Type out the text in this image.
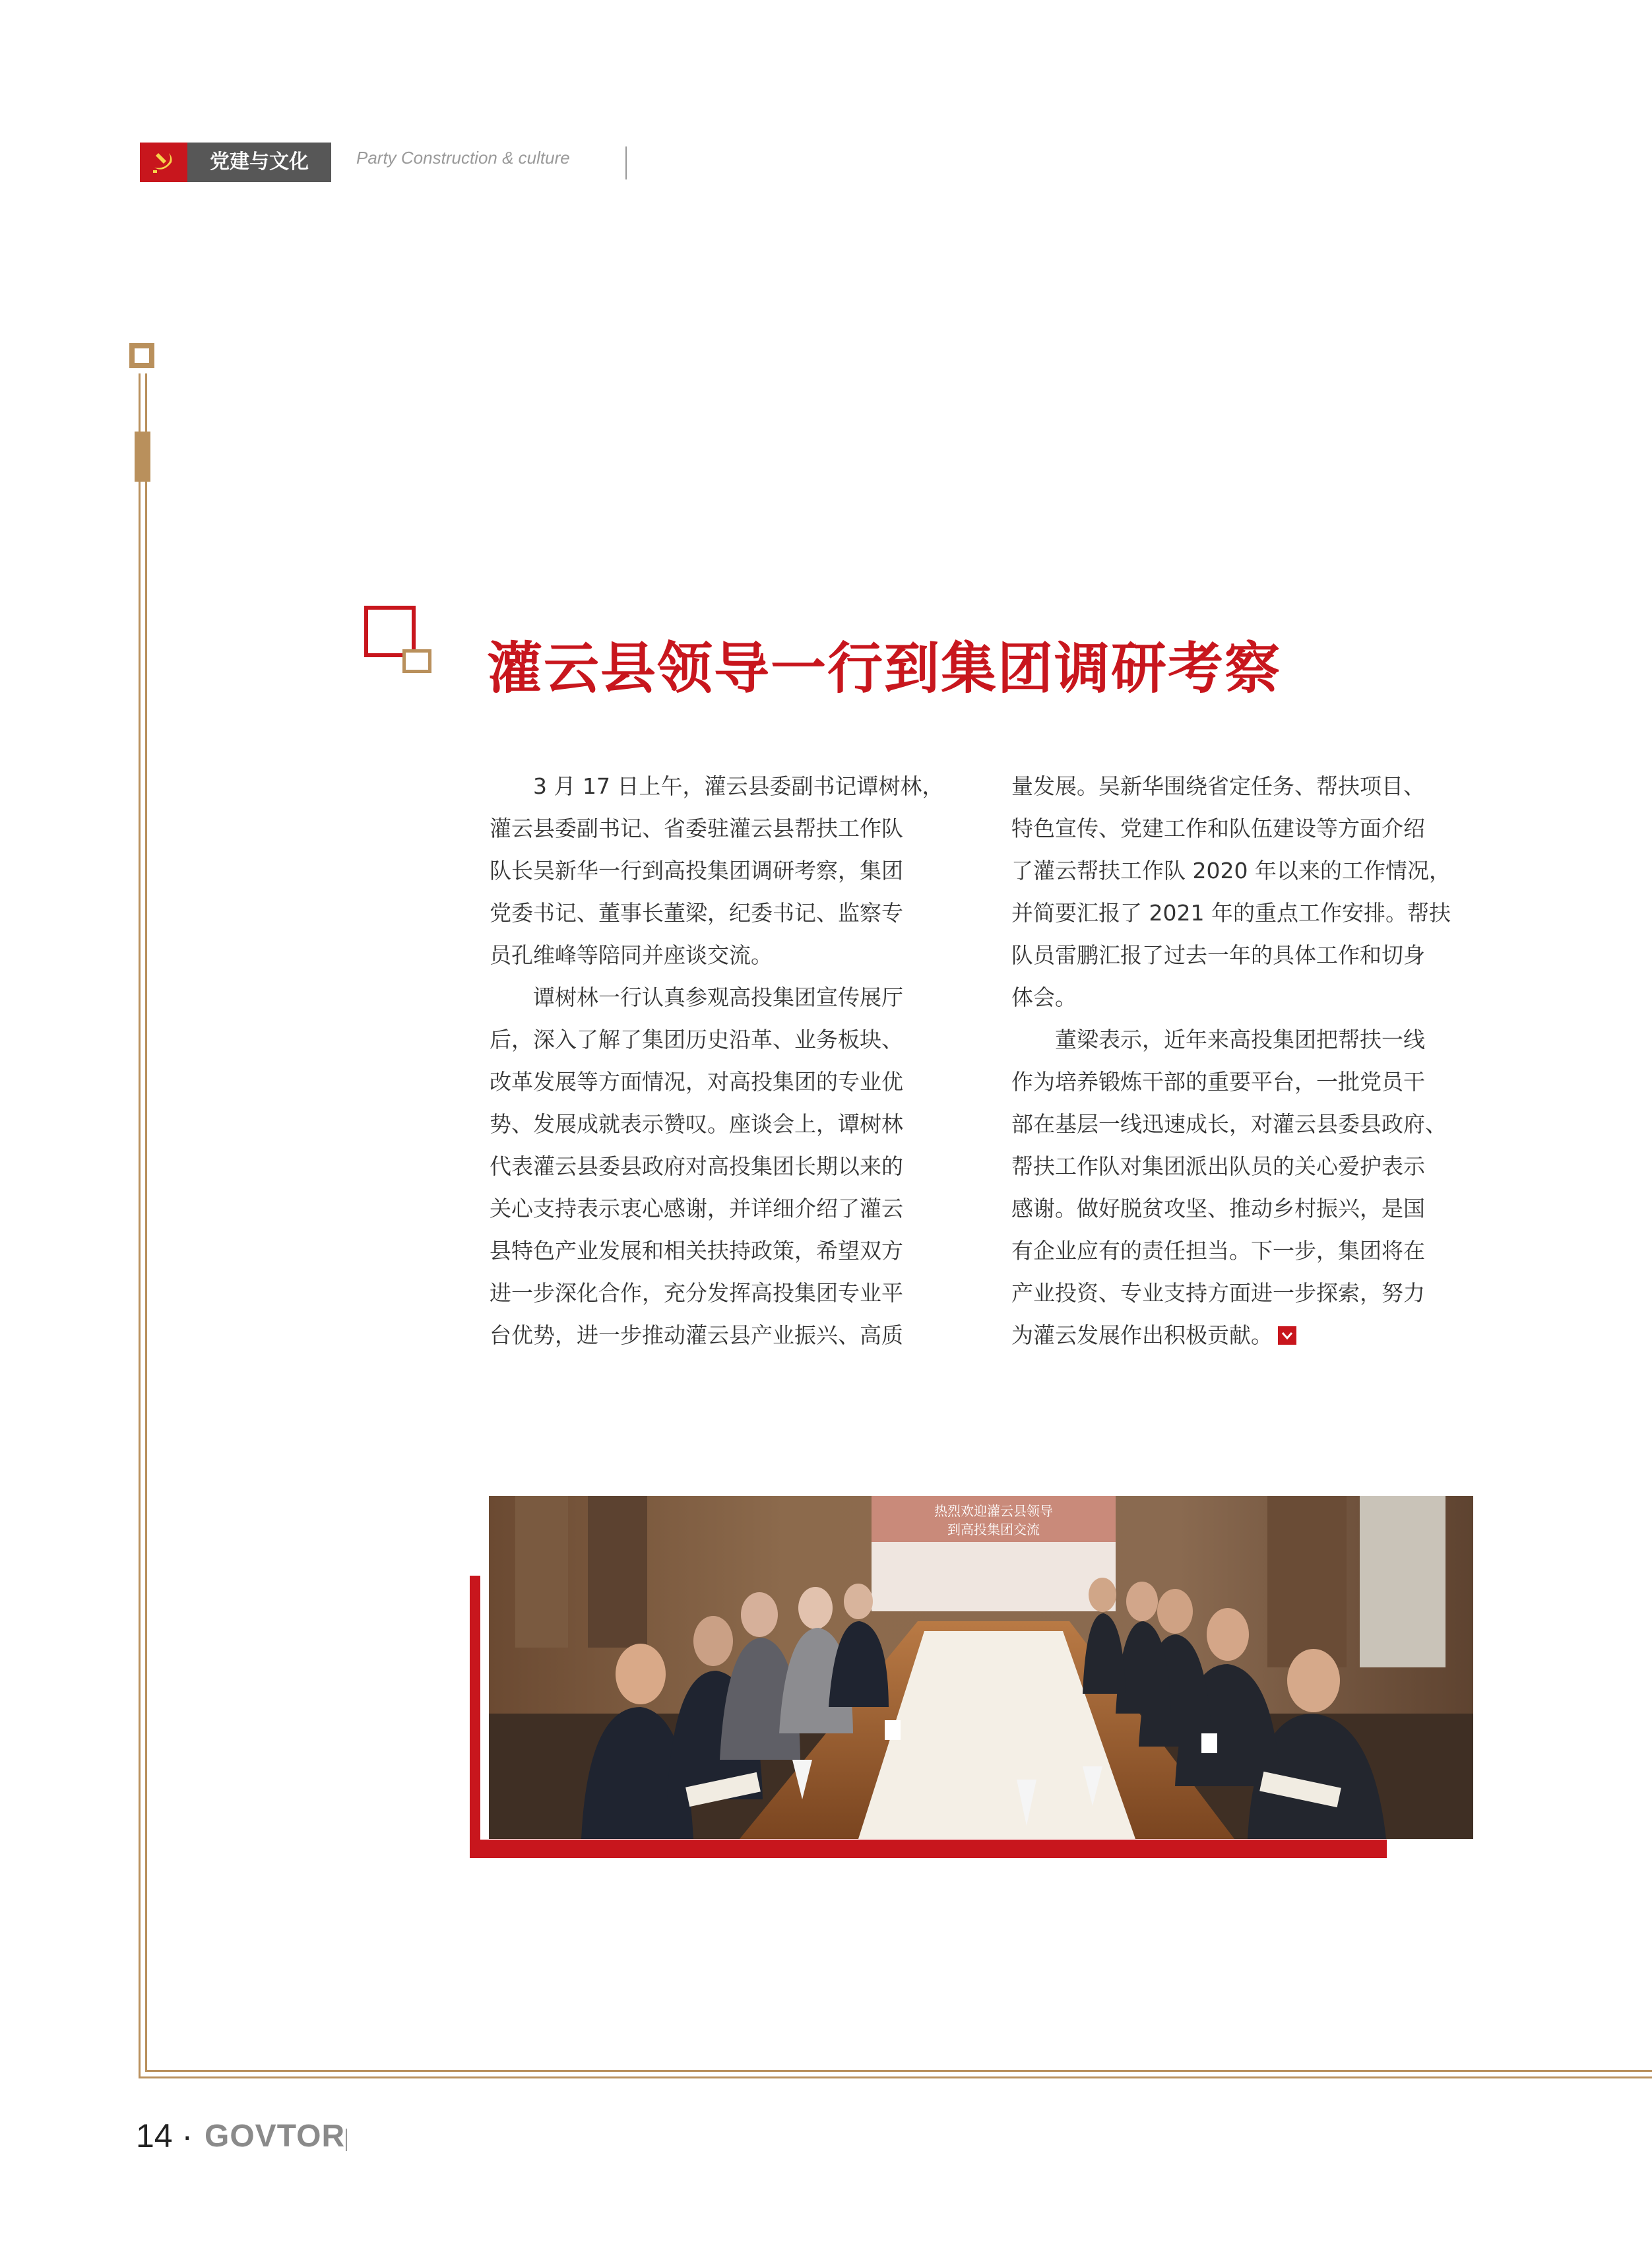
党建与文化	Party Construction & culture
灌云县领导一行到集团调研考察
3 月 17 日上午，灌云县委副书记谭树林，
灌云县委副书记、省委驻灌云县帮扶工作队
队长吴新华一行到高投集团调研考察，集团
党委书记、董事长董梁，纪委书记、监察专
员孔维峰等陪同并座谈交流。
谭树林一行认真参观高投集团宣传展厅
后，深入了解了集团历史沿革、业务板块、
改革发展等方面情况，对高投集团的专业优
势、发展成就表示赞叹。座谈会上，谭树林
代表灌云县委县政府对高投集团长期以来的
关心支持表示衷心感谢，并详细介绍了灌云
县特色产业发展和相关扶持政策，希望双方
进一步深化合作，充分发挥高投集团专业平
台优势，进一步推动灌云县产业振兴、高质
量发展。吴新华围绕省定任务、帮扶项目、
特色宣传、党建工作和队伍建设等方面介绍
了灌云帮扶工作队 2020 年以来的工作情况，
并简要汇报了 2021 年的重点工作安排。帮扶
队员雷鹏汇报了过去一年的具体工作和切身
体会。
董梁表示，近年来高投集团把帮扶一线
作为培养锻炼干部的重要平台，一批党员干
部在基层一线迅速成长，对灌云县委县政府、
帮扶工作队对集团派出队员的关心爱护表示
感谢。做好脱贫攻坚、推动乡村振兴，是国
有企业应有的责任担当。下一步，集团将在
产业投资、专业支持方面进一步探索，努力
为灌云发展作出积极贡献。
热烈欢迎灌云县领导
到高投集团交流
14 · GOVTOR
